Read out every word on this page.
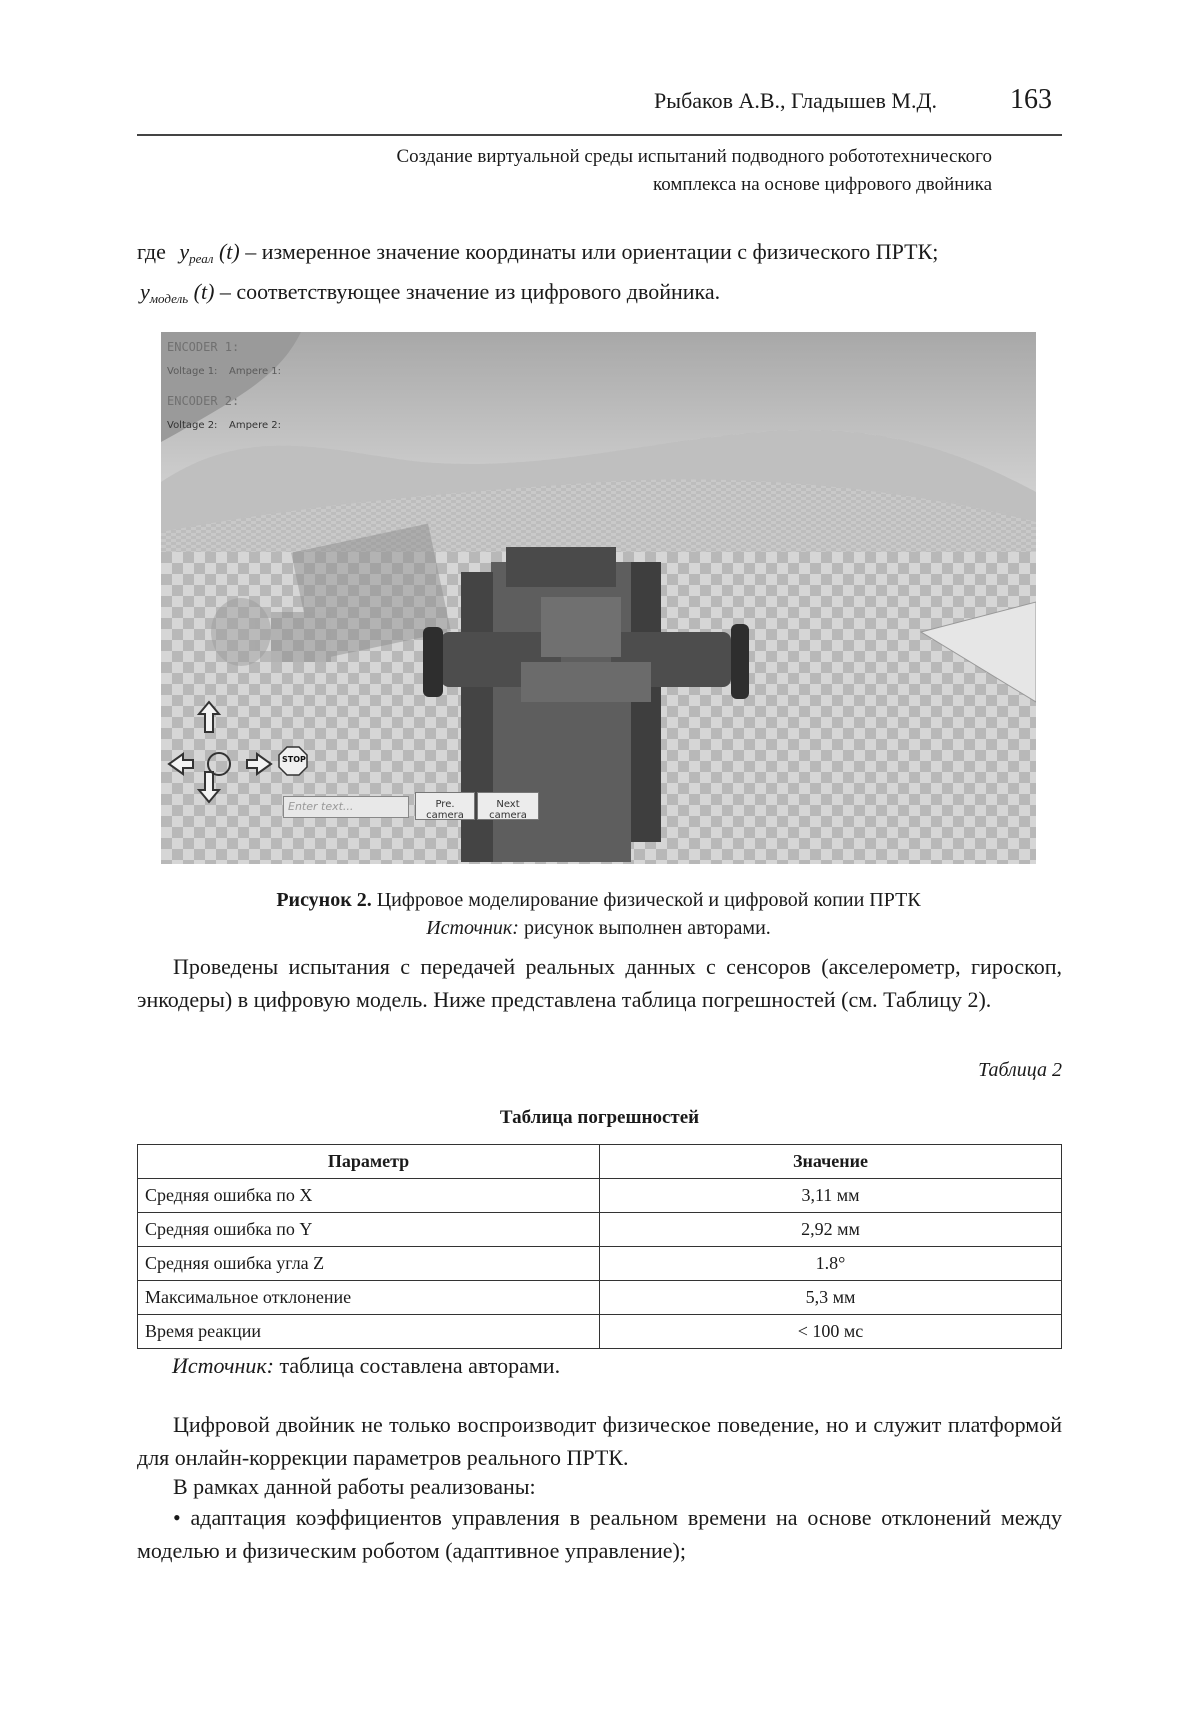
Рыбаков А.В., Гладышев М.Д.	163
Создание виртуальной среды испытаний подводного робототехнического
комплекса на основе цифрового двойника
где $y_{реал}$ (t) – измеренное значение координаты или ориентации с физического ПРТК;
$y_{модель}$ (t) – соответствующее значение из цифрового двойника.
ENCODER 1:
Voltage 1: Ampere 1:
ENCODER 2:
Voltage 2: Ampere 2:
STOP
Enter text...	Pre. camera
Next camera
Рисунок 2. Цифровое моделирование физической и цифровой копии ПРТК
Источник: рисунок выполнен авторами.
Проведены испытания с передачей реальных данных с сенсоров (акселерометр, гироскоп, энкодеры) в цифровую модель. Ниже представлена таблица погрешностей (см. Таблицу 2).
Таблица 2
Таблица погрешностей
Параметр	Значение
Средняя ошибка по X	3,11 мм
Средняя ошибка по Y	2,92 мм
Средняя ошибка угла Z	1.8°
Максимальное отклонение	5,3 мм
Время реакции	< 100 мс
Источник: таблица составлена авторами.
Цифровой двойник не только воспроизводит физическое поведение, но и служит платформой для онлайн-коррекции параметров реального ПРТК.
В рамках данной работы реализованы:
• адаптация коэффициентов управления в реальном времени на основе отклонений между моделью и физическим роботом (адаптивное управление);
